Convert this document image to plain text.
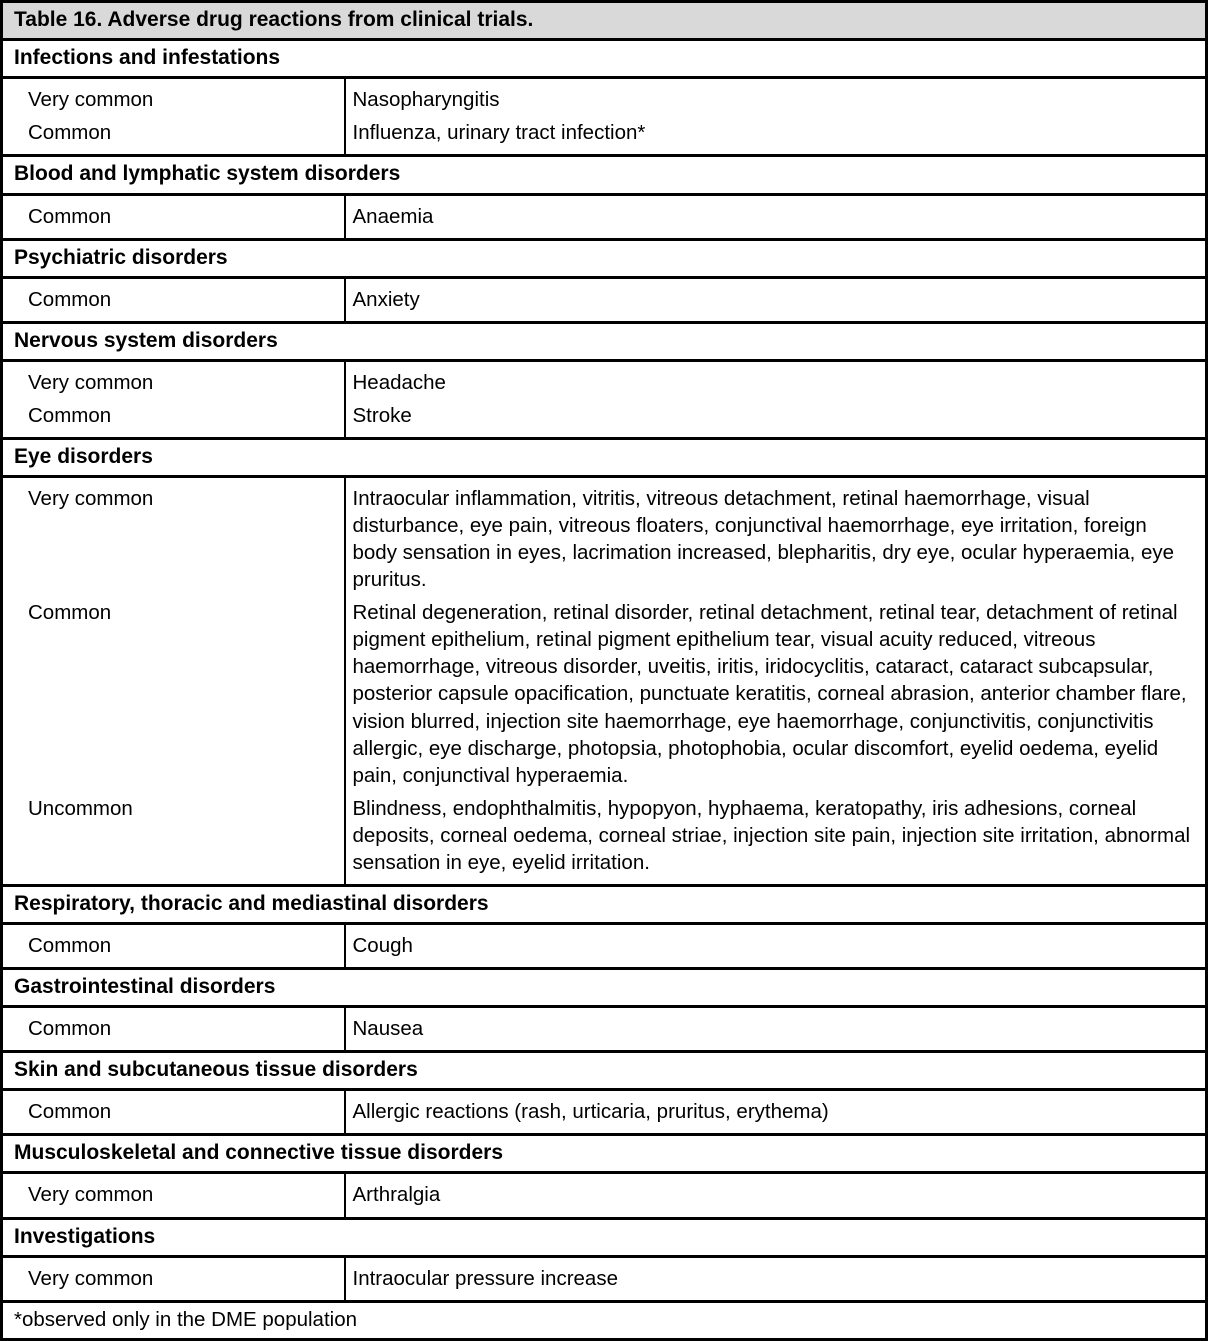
Table 16. Adverse drug reactions from clinical trials.	
Infections and infestations	
Very common	Nasopharyngitis
Common	Influenza, urinary tract infection*
Blood and lymphatic system disorders	
Common	Anaemia
Psychiatric disorders	
Common	Anxiety
Nervous system disorders	
Very common	Headache
Common	Stroke
Eye disorders	
Very common	Intraocular inflammation, vitritis, vitreous detachment, retinal haemorrhage, visual disturbance, eye pain, vitreous floaters, conjunctival haemorrhage, eye irritation, foreign body sensation in eyes, lacrimation increased, blepharitis, dry eye, ocular hyperaemia, eye pruritus.
Common	Retinal degeneration, retinal disorder, retinal detachment, retinal tear, detachment of retinal pigment epithelium, retinal pigment epithelium tear, visual acuity reduced, vitreous haemorrhage, vitreous disorder, uveitis, iritis, iridocyclitis, cataract, cataract subcapsular, posterior capsule opacification, punctuate keratitis, corneal abrasion, anterior chamber flare, vision blurred, injection site haemorrhage, eye haemorrhage, conjunctivitis, conjunctivitis allergic, eye discharge, photopsia, photophobia, ocular discomfort, eyelid oedema, eyelid pain, conjunctival hyperaemia.
Uncommon	Blindness, endophthalmitis, hypopyon, hyphaema, keratopathy, iris adhesions, corneal deposits, corneal oedema, corneal striae, injection site pain, injection site irritation, abnormal sensation in eye, eyelid irritation.
Respiratory, thoracic and mediastinal disorders	
Common	Cough
Gastrointestinal disorders	
Common	Nausea
Skin and subcutaneous tissue disorders	
Common	Allergic reactions (rash, urticaria, pruritus, erythema)
Musculoskeletal and connective tissue disorders	
Very common	Arthralgia
Investigations	
Very common	Intraocular pressure increase
*observed only in the DME population	
